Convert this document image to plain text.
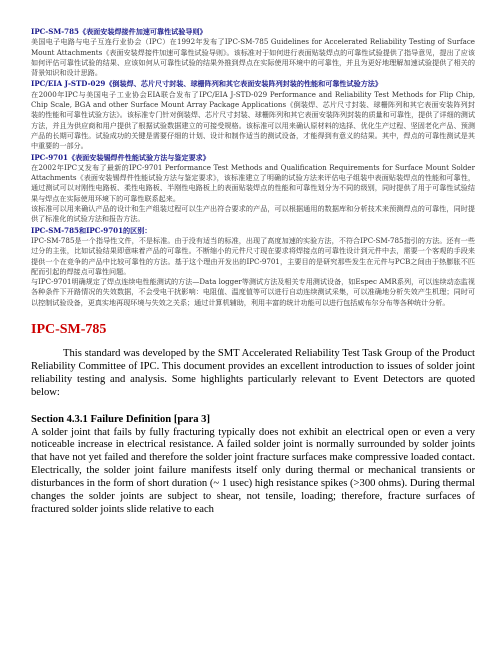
IPC-SM-785《表面安装焊接件加速可靠性试验导则》

美国电子电路与电子互连行业协会（IPC）在1992年发布了IPC-SM-785 Guidelines for Accelerated Reliability Testing of Surface Mount Attachments《表面安装焊接件加速可靠性试验导则》。该标准对于如何进行表面贴装焊点的可靠性试验提供了指导意见，提出了应该如何评估可靠性试验的结果、应该如何从可靠性试验的结果外推到焊点在实际使用环境中的可靠性，并且为更好地理解加速试验提供了相关的背景知识和设计思路。

IPC/EIA J-STD-029《倒装焊、芯片尺寸封装、球栅阵列和其它表面安装阵列封装的性能和可靠性试验方法》

在2000年IPC与美国电子工业协会EIA联合发布了IPC/EIA J-STD-029 Performance and Reliability Test Methods for Flip Chip, Chip Scale, BGA and other Surface Mount Array Package Applications《倒装焊、芯片尺寸封装、球栅阵列和其它表面安装阵列封装的性能和可靠性试验方法》。该标准专门针对倒装焊、芯片尺寸封装、球栅阵列和其它表面安装阵列封装的质量和可靠性，提供了详细的测试方法，并且为供应商和用户提供了根据试验数据建立的可接受规格。该标准可以用来确认原材料的选择、优化生产过程、坚固老化产品、预测产品的长期可靠性。试验成功的关键是需要仔细的计划、设计和制作适当的测试设备，才能得到有意义的结果。其中，焊点的可靠性测试是其中重要的一部分。

IPC-9701《表面安装锡焊件性能试验方法与鉴定要求》

在2002年IPC又发布了最新的IPC-9701 Performance Test Methods and Qualification Requirements for Surface Mount Solder Attachments《表面安装锡焊件性能试验方法与鉴定要求》，该标准建立了明确的试验方法来评估电子组装中表面贴装焊点的性能和可靠性，通过测试可以对刚性电路板、柔性电路板、半刚性电路板上的表面贴装焊点的性能和可靠性划分为不同的级别，同时提供了用于可靠性试验结果与焊点在实际使用环境下的可靠性联系起来。

该标准可以用来确认产品的设计和生产组装过程可以生产出符合要求的产品，可以根据通用的数据库和分析技术来预测焊点的可靠性，同时提供了标准化的试验方法和报告方法。

IPC-SM-785和IPC-9701的区别：

IPC-SM-785是一个指导性文件，不是标准。由于没有适当的标准，出现了高度加速的实验方法，不符合IPC-SM-785指引的方法。还有一些过分的主张，比如试验结果即意味着产品的可靠性。不断缩小的元件尺寸现在要求将焊接点的可靠性设计到元件中去，需要一个客观的手段来提供一个在竞争的产品中比较可靠性的方法。基于这个理由开发出的IPC-9701，主要目的是研究那些发生在元件与PCB之间由于热膨胀不匹配而引起的焊接点可靠性问题。

与IPC-9701明确规定了焊点连续电性能测试的方法—Data logger等测试方法及相关专用测试设备，如Espec AMR系列，可以连续动态监视各种条件下开路情况的失效数据，不会受电干扰影响：电阻值、温度值等可以进行自动连续测试采集，可以准确地分析失效产生机理；同时可以控制试验设备，更真实地再现环境与失效之关系；通过计算机辅助，利用丰富的统计功能可以进行包括威布尔分布等各种统计分析。

IPC-SM-785

This standard was developed by the SMT Accelerated Reliability Test Task Group of the Product Reliability Committee of IPC. This document provides an excellent introduction to issues of solder joint reliability testing and analysis. Some highlights particularly relevant to Event Detectors are quoted below:

Section 4.3.1 Failure Definition [para 3]

A solder joint that fails by fully fracturing typically does not exhibit an electrical open or even a very noticeable increase in electrical resistance. A failed solder joint is normally surrounded by solder joints that have not yet failed and therefore the solder joint fracture surfaces make compressive loaded contact. Electrically, the solder joint failure manifests itself only during thermal or mechanical transients or disturbances in the form of short duration (~ 1 usec) high resistance spikes (>300 ohms). During thermal changes the solder joints are subject to shear, not tensile, loading; therefore, fracture surfaces of fractured solder joints slide relative to each
